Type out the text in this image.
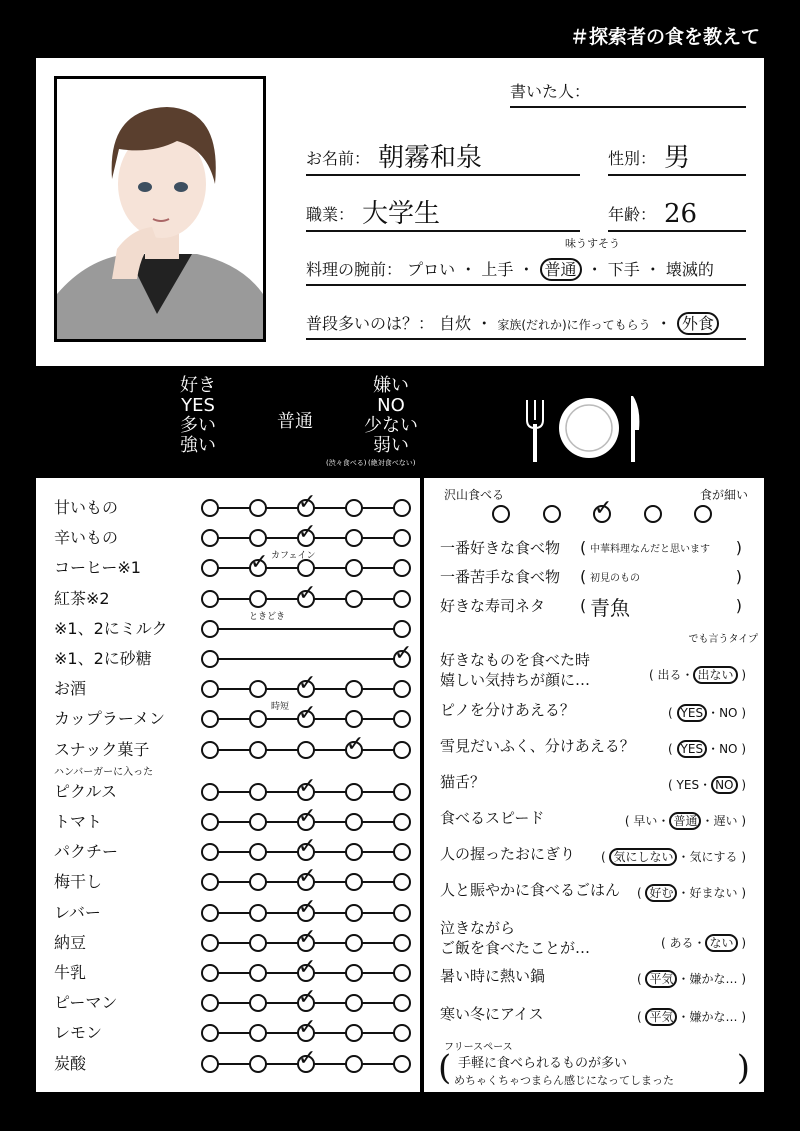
＃探索者の食を教えて
書いた人：
お名前： 朝霧和泉	性別： 男
職業： 大学生	年齢： 26
味うすそう
料理の腕前： プロい ・ 上手 ・ 普通 ・ 下手 ・ 壊滅的
普段多いのは？： 自炊 ・ 家族(だれか)に作ってもらう ・ 外食
好き
YES
多い
強い
普通
嫌い
NO
少ない
弱い
(渋々食べる) (絶対食べない)
甘いもの	✓
辛いもの	✓
コーヒー※1	✓ カフェイン
紅茶※2	✓
※1、2にミルク
ときどき
※1、2に砂糖	✓
お酒	✓
カップラーメン	✓
時短
スナック菓子	✓
ハンバーガーに入った
ピクルス	✓
トマト	✓
パクチー	✓
梅干し	✓
レバー	✓
納豆	✓
牛乳	✓
ピーマン	✓
レモン	✓
炭酸	✓
沢山食べる	食が細い
✓
フリースペース
(	)
手軽に食べられるものが多い
めちゃくちゃつまらん感じになってしまった
一番好きな食べ物 ( 中華料理なんだと思います )
一番苦手な食べ物 ( 初見のもの	)
好きな寿司ネタ ( 青魚	)
好きなものを食べた時
嬉しい気持ちが顔に…	( 出る・ 出ない )
でも言うタイプ
ピノを分けあえる？	( YES ・NO )
雪見だいふく、分けあえる？	( YES ・NO )
猫舌？	( YES・ NO )
食べるスピード	( 早い・ 普通 ・遅い )
人の握ったおにぎり ( 気にしない ・気にする )
人と賑やかに食べるごはん ( 好む ・好まない )
泣きながら
ご飯を食べたことが…	( ある・ ない )
暑い時に熱い鍋	( 平気 ・嫌かな… )
寒い冬にアイス	( 平気 ・嫌かな… )
